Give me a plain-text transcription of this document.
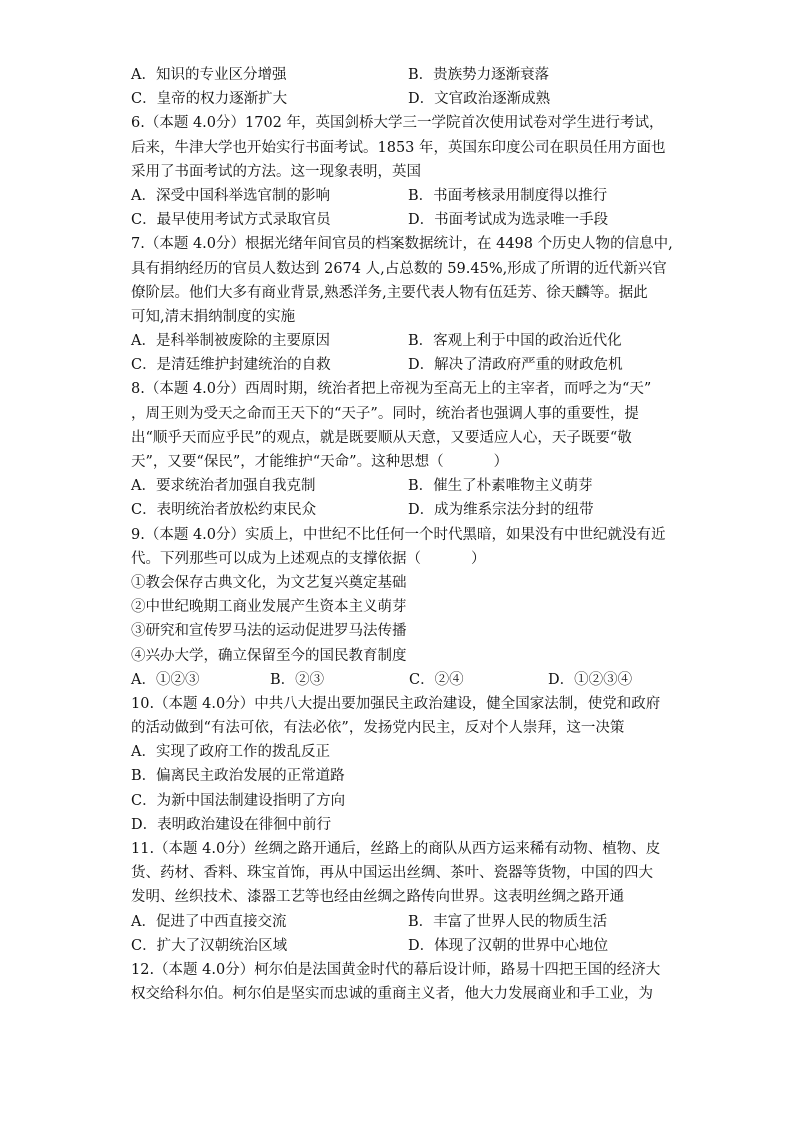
A．知识的专业区分增强	B．贵族势力逐渐衰落
C．皇帝的权力逐渐扩大	D．文官政治逐渐成熟
6.（本题 4.0分）1702 年，英国剑桥大学三一学院首次使用试卷对学生进行考试，
后来，牛津大学也开始实行书面考试。1853 年，英国东印度公司在职员任用方面也
采用了书面考试的方法。这一现象表明，英国
A．深受中国科举选官制的影响	B．书面考核录用制度得以推行
C．最早使用考试方式录取官员	D．书面考试成为选录唯一手段
7.（本题 4.0分）根据光绪年间官员的档案数据统计，在 4498 个历史人物的信息中,
具有捐纳经历的官员人数达到 2674 人,占总数的 59.45%,形成了所谓的近代新兴官
僚阶层。他们大多有商业背景,熟悉洋务,主要代表人物有伍廷芳、徐天麟等。据此
可知,清末捐纳制度的实施
A．是科举制被废除的主要原因	B．客观上利于中国的政治近代化
C．是清廷维护封建统治的自救	D．解决了清政府严重的财政危机
8.（本题 4.0分）西周时期，统治者把上帝视为至高无上的主宰者，而呼之为“天”
，周王则为受天之命而王天下的“天子”。同时，统治者也强调人事的重要性，提
出“顺乎天而应乎民”的观点，就是既要顺从天意，又要适应人心，天子既要“敬
天”，又要“保民”，才能维护“天命”。这种思想（	）
A．要求统治者加强自我克制	B．催生了朴素唯物主义萌芽
C．表明统治者放松约束民众	D．成为维系宗法分封的纽带
9.（本题 4.0分）实质上，中世纪不比任何一个时代黑暗，如果没有中世纪就没有近
代。下列那些可以成为上述观点的支撑依据（	）
①教会保存古典文化，为文艺复兴奠定基础
②中世纪晚期工商业发展产生资本主义萌芽
③研究和宣传罗马法的运动促进罗马法传播
④兴办大学，确立保留至今的国民教育制度
A．①②③	B．②③	C．②④	D．①②③④
10.（本题 4.0分）中共八大提出要加强民主政治建设，健全国家法制，使党和政府
的活动做到“有法可依，有法必依”，发扬党内民主，反对个人崇拜，这一决策
A．实现了政府工作的拨乱反正
B．偏离民主政治发展的正常道路
C．为新中国法制建设指明了方向
D．表明政治建设在徘徊中前行
11.（本题 4.0分）丝绸之路开通后，丝路上的商队从西方运来稀有动物、植物、皮
货、药材、香料、珠宝首饰，再从中国运出丝绸、茶叶、瓷器等货物，中国的四大
发明、丝织技术、漆器工艺等也经由丝绸之路传向世界。这表明丝绸之路开通
A．促进了中西直接交流	B．丰富了世界人民的物质生活
C．扩大了汉朝统治区域	D．体现了汉朝的世界中心地位
12.（本题 4.0分）柯尔伯是法国黄金时代的幕后设计师，路易十四把王国的经济大
权交给科尔伯。柯尔伯是坚实而忠诚的重商主义者，他大力发展商业和手工业，为
